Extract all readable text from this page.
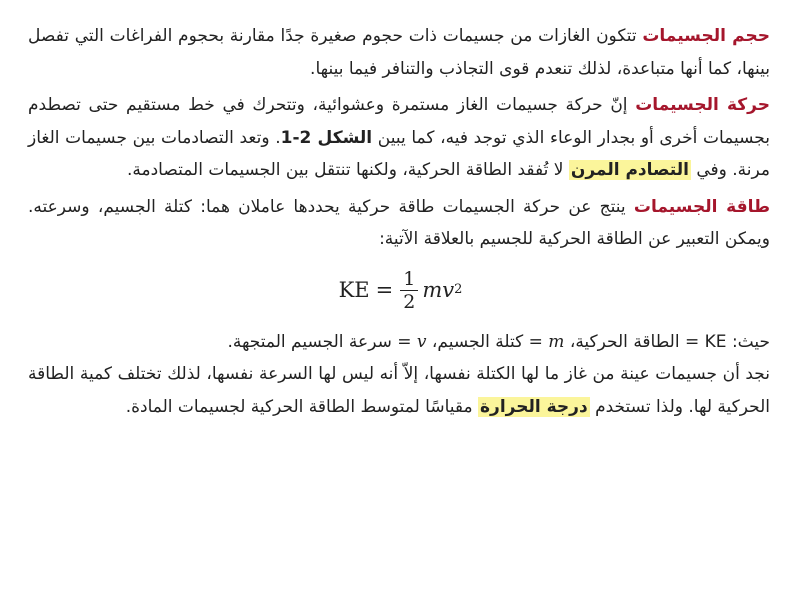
حجم الجسيمات تتكون الغازات من جسيمات ذات حجوم صغيرة جدًا مقارنة بحجوم الفراغات التي تفصل بينها، كما أنها متباعدة، لذلك تنعدم قوى التجاذب والتنافر فيما بينها.

حركة الجسيمات إنّ حركة جسيمات الغاز مستمرة وعشوائية، وتتحرك في خط مستقيم حتى تصطدم بجسيمات أخرى أو بجدار الوعاء الذي توجد فيه، كما يبين الشكل 2-1. وتعد التصادمات بين جسيمات الغاز مرنة. وفي التصادم المرن لا تُفقد الطاقة الحركية، ولكنها تنتقل بين الجسيمات المتصادمة.

طاقة الجسيمات ينتج عن حركة الجسيمات طاقة حركية يحددها عاملان هما: كتلة الجسيم، وسرعته. ويمكن التعبير عن الطاقة الحركية للجسيم بالعلاقة الآتية:

KE = $\frac{1}{2}$ mv 2

حيث: KE = الطاقة الحركية، m = كتلة الجسيم، v = سرعة الجسيم المتجهة.

نجد أن جسيمات عينة من غاز ما لها الكتلة نفسها، إلاّ أنه ليس لها السرعة نفسها، لذلك تختلف كمية الطاقة الحركية لها. ولذا تستخدم درجة الحرارة مقياسًا لمتوسط الطاقة الحركية لجسيمات المادة.
